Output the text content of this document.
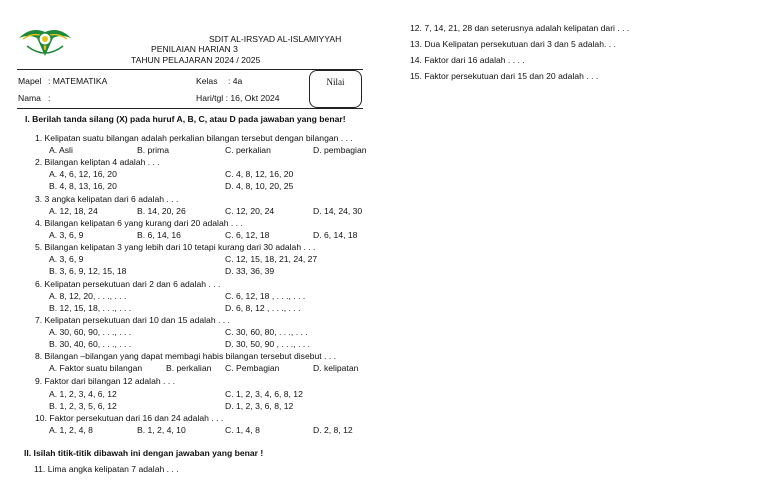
SDIT AL-IRSYAD AL-ISLAMIYYAH
PENILAIAN HARIAN 3
TAHUN PELAJARAN 2024 / 2025
Mapel : MATEMATIKA	Kelas : 4a
Nama :	Hari/tgl : 16, Okt 2024
Nilai
I. Berilah tanda silang (X) pada huruf A, B, C, atau D pada jawaban yang benar!
1. Kelipatan suatu bilangan adalah perkalian bilangan tersebut dengan bilangan . . .
A. Asli	B. prima	C. perkalian	D. pembagian
2. Bilangan keliptan 4 adalah . . .
A. 4, 6, 12, 16, 20	C. 4, 8, 12, 16, 20
B. 4, 8, 13, 16, 20	D. 4, 8, 10, 20, 25
3. 3 angka kelipatan dari 6 adalah . . .
A. 12, 18, 24	B. 14, 20, 26	C. 12, 20, 24	D. 14, 24, 30
4. Bilangan kelipatan 6 yang kurang dari 20 adalah . . .
A. 3, 6, 9	B. 6, 14, 16	C. 6, 12, 18	D. 6, 14, 18
5. Bilangan kelipatan 3 yang lebih dari 10 tetapi kurang dari 30 adalah . . .
A. 3, 6, 9	C. 12, 15, 18, 21, 24, 27
B. 3, 6, 9, 12, 15, 18	D. 33, 36, 39
6. Kelipatan persekutuan dari 2 dan 6 adalah . . .
A. 8, 12, 20, . . ., . . .	C. 6, 12, 18 , . . ., . . .
B. 12, 15, 18, . . ., . . .	D. 6, 8, 12 , . . ., . . .
7. Kelipatan persekutuan dari 10 dan 15 adalah . . .
A. 30, 60, 90, . . ., . . .	C. 30, 60, 80, . . ., . . .
B. 30, 40, 60, . . ., . . .	D. 30, 50, 90 , . . ., . . .
8. Bilangan –bilangan yang dapat membagi habis bilangan tersebut disebut . . .
A. Faktor suatu bilangan	B. perkalian C. Pembagian	D. kelipatan
9. Faktor dari bilangan 12 adalah . . .
A. 1, 2, 3, 4, 6, 12	C. 1, 2, 3, 4, 6, 8, 12
B. 1, 2, 3, 5, 6, 12	D. 1, 2, 3, 6, 8, 12
10. Faktor persekutuan dari 16 dan 24 adalah . . .
A. 1, 2, 4, 8	B. 1, 2, 4, 10	C. 1, 4, 8	D. 2, 8, 12
II. Isilah titik-titik dibawah ini dengan jawaban yang benar !
11. Lima angka kelipatan 7 adalah . . .
12. 7, 14, 21, 28 dan seterusnya adalah kelipatan dari . . .
13. Dua Kelipatan persekutuan dari 3 dan 5 adalah. . .
14. Faktor dari 16 adalah . . . .
15. Faktor persekutuan dari 15 dan 20 adalah . . .
